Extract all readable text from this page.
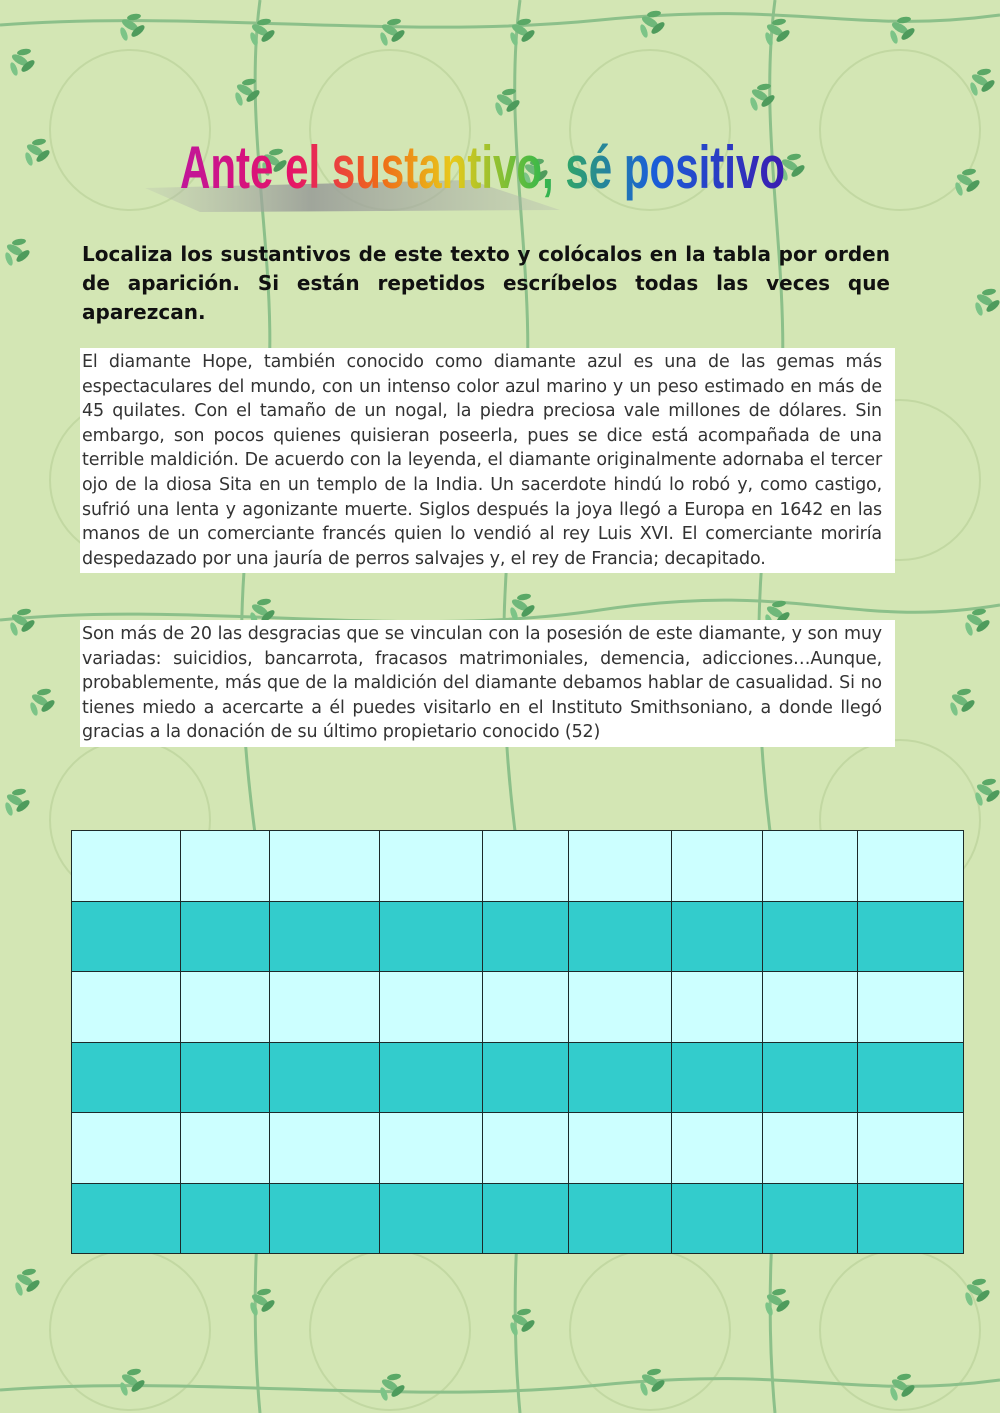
Ante el sustantivo, sé positivo

Localiza los sustantivos de este texto y colócalos en la tabla por orden de aparición. Si están repetidos escríbelos todas las veces que aparezcan.

El diamante Hope, también conocido como diamante azul es una de las gemas más espectaculares del mundo, con un intenso color azul marino y un peso estimado en más de 45 quilates. Con el tamaño de un nogal, la piedra preciosa vale millones de dólares. Sin embargo, son pocos quienes quisieran poseerla, pues se dice está acompañada de una terrible maldición. De acuerdo con la leyenda, el diamante originalmente adornaba el tercer ojo de la diosa Sita en un templo de la India. Un sacerdote hindú lo robó y, como castigo, sufrió una lenta y agonizante muerte. Siglos después la joya llegó a Europa en 1642 en las manos de un comerciante francés quien lo vendió al rey Luis XVI. El comerciante moriría despedazado por una jauría de perros salvajes y, el rey de Francia; decapitado.

Son más de 20 las desgracias que se vinculan con la posesión de este diamante, y son muy variadas: suicidios, bancarrota, fracasos matrimoniales, demencia, adicciones…Aunque, probablemente, más que de la maldición del diamante debamos hablar de casualidad. Si no tienes miedo a acercarte a él puedes visitarlo en el Instituto Smithsoniano, a donde llegó gracias a la donación de su último propietario conocido (52)
